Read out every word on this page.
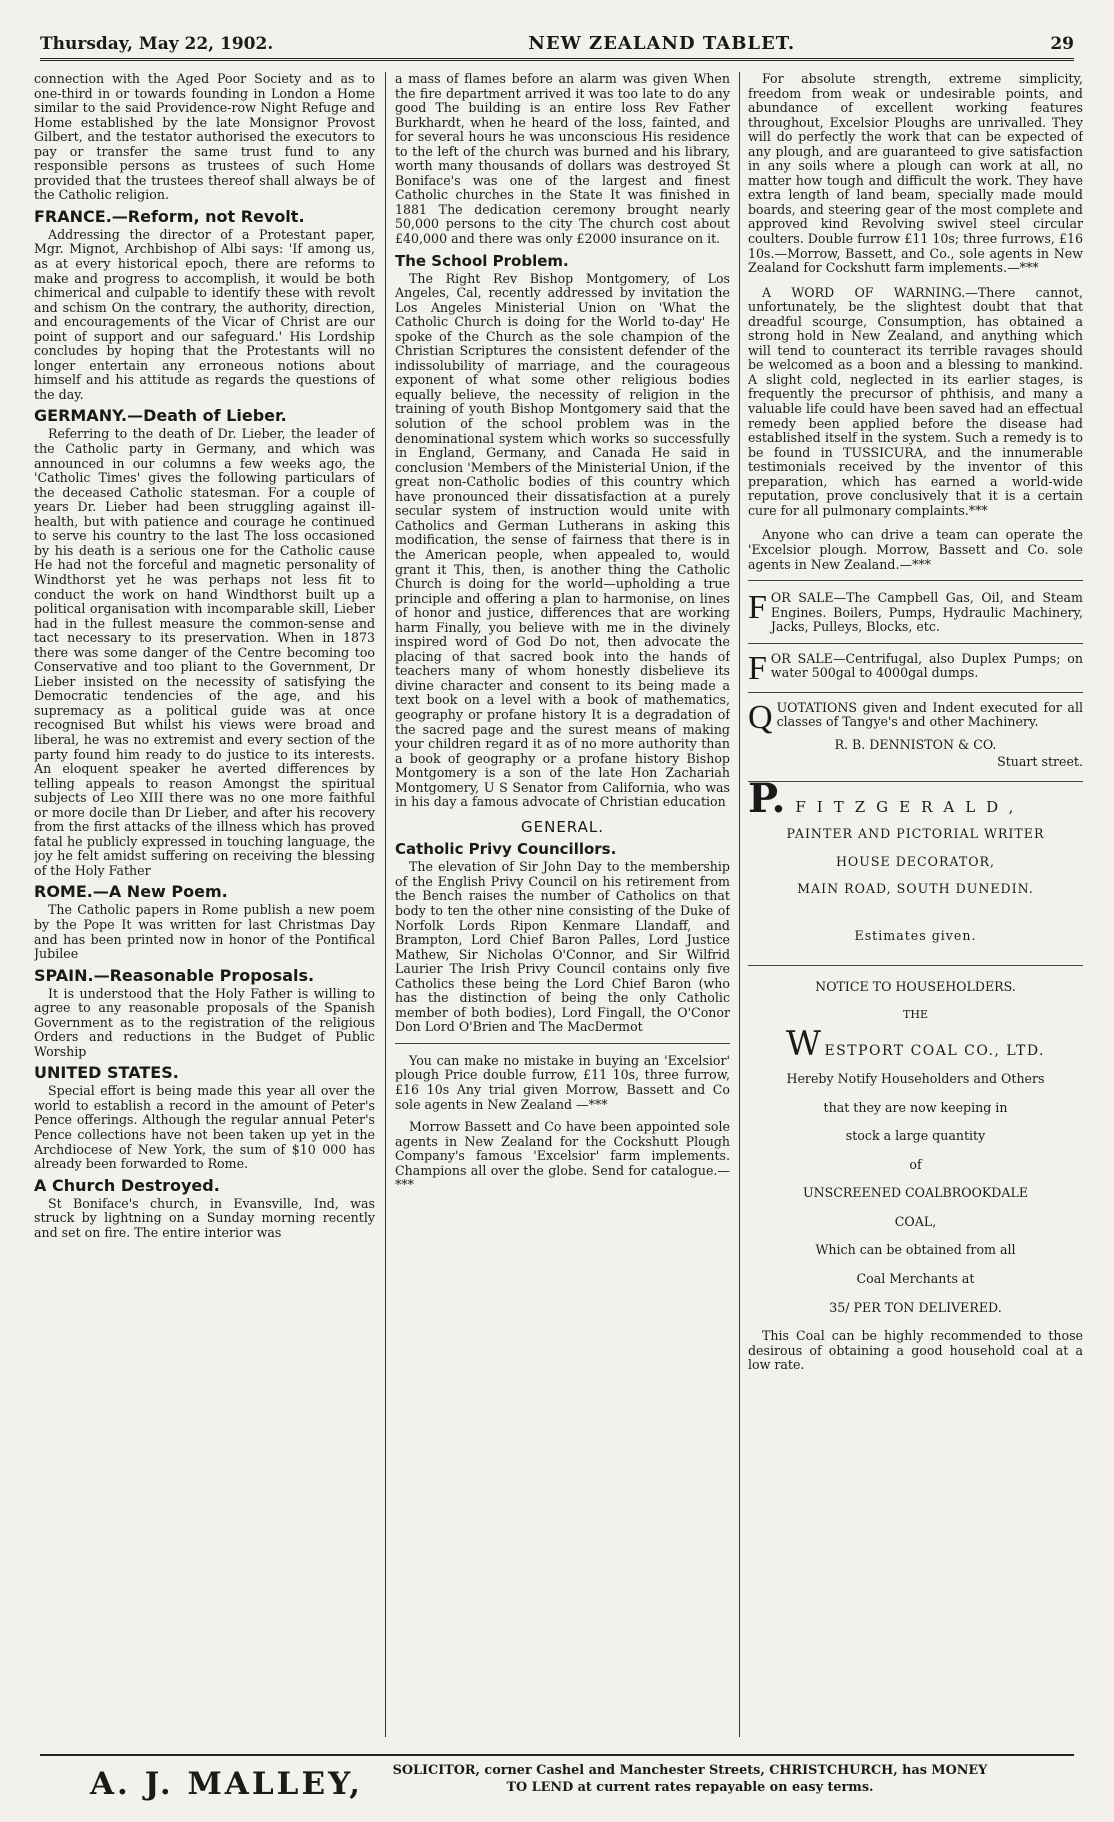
Thursday, May 22, 1902.	NEW ZEALAND TABLET.	29

connection with the Aged Poor Society and as to one-third in or towards founding in London a Home similar to the said Providence-row Night Refuge and Home established by the late Monsignor Provost Gilbert, and the testator authorised the executors to pay or transfer the same trust fund to any responsible persons as trustees of such Home provided that the trustees thereof shall always be of the Catholic religion.

FRANCE.—Reform, not Revolt.

Addressing the director of a Protestant paper, Mgr. Mignot, Archbishop of Albi says: 'If among us, as at every historical epoch, there are reforms to make and progress to accomplish, it would be both chimerical and culpable to identify these with revolt and schism On the contrary, the authority, direction, and encouragements of the Vicar of Christ are our point of support and our safeguard.' His Lordship concludes by hoping that the Protestants will no longer entertain any erroneous notions about himself and his attitude as regards the questions of the day.

GERMANY.—Death of Lieber.

Referring to the death of Dr. Lieber, the leader of the Catholic party in Germany, and which was announced in our columns a few weeks ago, the 'Catholic Times' gives the following particulars of the deceased Catholic statesman. For a couple of years Dr. Lieber had been struggling against ill-health, but with patience and courage he continued to serve his country to the last The loss occasioned by his death is a serious one for the Catholic cause He had not the forceful and magnetic personality of Windthorst yet he was perhaps not less fit to conduct the work on hand Windthorst built up a political organisation with incomparable skill, Lieber had in the fullest measure the common-sense and tact necessary to its preservation. When in 1873 there was some danger of the Centre becoming too Conservative and too pliant to the Government, Dr Lieber insisted on the necessity of satisfying the Democratic tendencies of the age, and his supremacy as a political guide was at once recognised But whilst his views were broad and liberal, he was no extremist and every section of the party found him ready to do justice to its interests. An eloquent speaker he averted differences by telling appeals to reason Amongst the spiritual subjects of Leo XIII there was no one more faithful or more docile than Dr Lieber, and after his recovery from the first attacks of the illness which has proved fatal he publicly expressed in touching language, the joy he felt amidst suffering on receiving the blessing of the Holy Father

ROME.—A New Poem.

The Catholic papers in Rome publish a new poem by the Pope It was written for last Christmas Day and has been printed now in honor of the Pontifical Jubilee

SPAIN.—Reasonable Proposals.

It is understood that the Holy Father is willing to agree to any reasonable proposals of the Spanish Government as to the registration of the religious Orders and reductions in the Budget of Public Worship

UNITED STATES.

Special effort is being made this year all over the world to establish a record in the amount of Peter's Pence offerings. Although the regular annual Peter's Pence collections have not been taken up yet in the Archdiocese of New York, the sum of $10 000 has already been forwarded to Rome.

A Church Destroyed.

St Boniface's church, in Evansville, Ind, was struck by lightning on a Sunday morning recently and set on fire. The entire interior was

a mass of flames before an alarm was given When the fire department arrived it was too late to do any good The building is an entire loss Rev Father Burkhardt, when he heard of the loss, fainted, and for several hours he was unconscious His residence to the left of the church was burned and his library, worth many thousands of dollars was destroyed St Boniface's was one of the largest and finest Catholic churches in the State It was finished in 1881 The dedication ceremony brought nearly 50,000 persons to the city The church cost about £40,000 and there was only £2000 insurance on it.

The School Problem.

The Right Rev Bishop Montgomery, of Los Angeles, Cal, recently addressed by invitation the Los Angeles Ministerial Union on 'What the Catholic Church is doing for the World to-day' He spoke of the Church as the sole champion of the Christian Scriptures the consistent defender of the indissolubility of marriage, and the courageous exponent of what some other religious bodies equally believe, the necessity of religion in the training of youth Bishop Montgomery said that the solution of the school problem was in the denominational system which works so successfully in England, Germany, and Canada He said in conclusion 'Members of the Ministerial Union, if the great non-Catholic bodies of this country which have pronounced their dissatisfaction at a purely secular system of instruction would unite with Catholics and German Lutherans in asking this modification, the sense of fairness that there is in the American people, when appealed to, would grant it This, then, is another thing the Catholic Church is doing for the world—upholding a true principle and offering a plan to harmonise, on lines of honor and justice, differences that are working harm Finally, you believe with me in the divinely inspired word of God Do not, then advocate the placing of that sacred book into the hands of teachers many of whom honestly disbelieve its divine character and consent to its being made a text book on a level with a book of mathematics, geography or profane history It is a degradation of the sacred page and the surest means of making your children regard it as of no more authority than a book of geography or a profane history Bishop Montgomery is a son of the late Hon Zachariah Montgomery, U S Senator from California, who was in his day a famous advocate of Christian education

GENERAL.
Catholic Privy Councillors.

The elevation of Sir John Day to the membership of the English Privy Council on his retirement from the Bench raises the number of Catholics on that body to ten the other nine consisting of the Duke of Norfolk Lords Ripon Kenmare Llandaff, and Brampton, Lord Chief Baron Palles, Lord Justice Mathew, Sir Nicholas O'Connor, and Sir Wilfrid Laurier The Irish Privy Council contains only five Catholics these being the Lord Chief Baron (who has the distinction of being the only Catholic member of both bodies), Lord Fingall, the O'Conor Don Lord O'Brien and The MacDermot

You can make no mistake in buying an 'Excelsior' plough Price double furrow, £11 10s, three furrow, £16 10s Any trial given Morrow, Bassett and Co sole agents in New Zealand —***

Morrow Bassett and Co have been appointed sole agents in New Zealand for the Cockshutt Plough Company's famous 'Excelsior' farm implements. Champions all over the globe. Send for catalogue.—***

For absolute strength, extreme simplicity, freedom from weak or undesirable points, and abundance of excellent working features throughout, Excelsior Ploughs are unrivalled. They will do perfectly the work that can be expected of any plough, and are guaranteed to give satisfaction in any soils where a plough can work at all, no matter how tough and difficult the work. They have extra length of land beam, specially made mould boards, and steering gear of the most complete and approved kind Revolving swivel steel circular coulters. Double furrow £11 10s; three furrows, £16 10s.—Morrow, Bassett, and Co., sole agents in New Zealand for Cockshutt farm implements.—***

A WORD OF WARNING.—There cannot, unfortunately, be the slightest doubt that that dreadful scourge, Consumption, has obtained a strong hold in New Zealand, and anything which will tend to counteract its terrible ravages should be welcomed as a boon and a blessing to mankind. A slight cold, neglected in its earlier stages, is frequently the precursor of phthisis, and many a valuable life could have been saved had an effectual remedy been applied before the disease had established itself in the system. Such a remedy is to be found in TUSSICURA, and the innumerable testimonials received by the inventor of this preparation, which has earned a world-wide reputation, prove conclusively that it is a certain cure for all pulmonary complaints.***

Anyone who can drive a team can operate the 'Excelsior plough. Morrow, Bassett and Co. sole agents in New Zealand.—***

F OR SALE—The Campbell Gas, Oil, and Steam Engines. Boilers, Pumps, Hydraulic Machinery, Jacks, Pulleys, Blocks, etc.

F OR SALE—Centrifugal, also Duplex Pumps; on water 500gal to 4000gal dumps.

Q UOTATIONS given and Indent executed for all classes of Tangye's and other Machinery.

R. B. DENNISTON & CO.

Stuart street.

P. FITZGERALD,
PAINTER AND PICTORIAL WRITER
HOUSE DECORATOR,
MAIN ROAD, SOUTH DUNEDIN.
Estimates given.
NOTICE TO HOUSEHOLDERS.
THE
W ESTPORT COAL CO., LTD.
Hereby Notify Householders and Others
that they are now keeping in
stock a large quantity
of
UNSCREENED COALBROOKDALE
COAL,
Which can be obtained from all
Coal Merchants at
35/ PER TON DELIVERED.

This Coal can be highly recommended to those desirous of obtaining a good household coal at a low rate.

A. J. MALLEY,	SOLICITOR, corner Cashel and Manchester Streets, CHRISTCHURCH, has MONEY
TO LEND at current rates repayable on easy terms.
